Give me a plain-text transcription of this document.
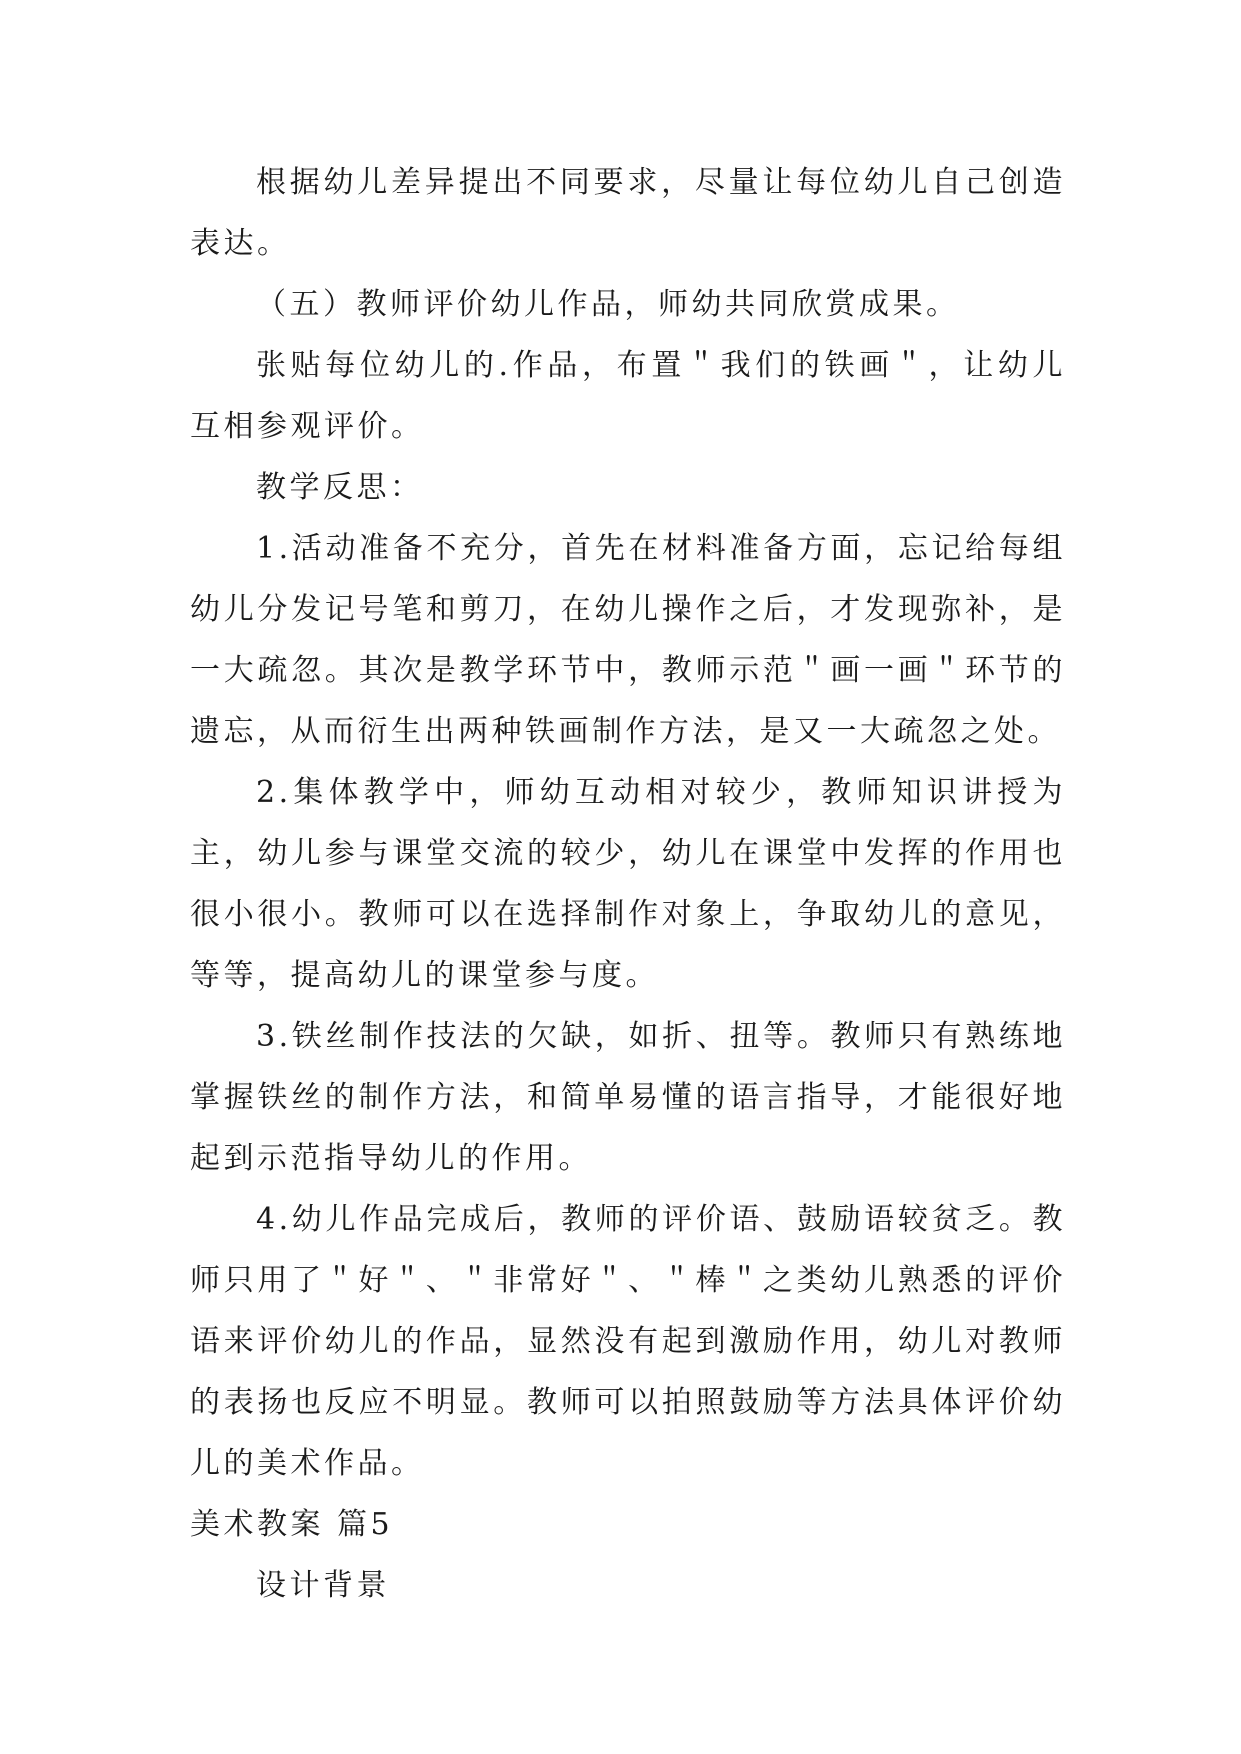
根据幼儿差异提出不同要求，尽量让每位幼儿自己创造表达。

（五）教师评价幼儿作品，师幼共同欣赏成果。

张贴每位幼儿的.作品，布置＂我们的铁画＂，让幼儿互相参观评价。

教学反思：

1.活动准备不充分，首先在材料准备方面，忘记给每组幼儿分发记号笔和剪刀，在幼儿操作之后，才发现弥补，是一大疏忽。其次是教学环节中，教师示范＂画一画＂环节的遗忘，从而衍生出两种铁画制作方法，是又一大疏忽之处。

2.集体教学中，师幼互动相对较少，教师知识讲授为主，幼儿参与课堂交流的较少，幼儿在课堂中发挥的作用也很小很小。教师可以在选择制作对象上，争取幼儿的意见，等等，提高幼儿的课堂参与度。

3.铁丝制作技法的欠缺，如折、扭等。教师只有熟练地掌握铁丝的制作方法，和简单易懂的语言指导，才能很好地起到示范指导幼儿的作用。

4.幼儿作品完成后，教师的评价语、鼓励语较贫乏。教师只用了＂好＂、＂非常好＂、＂棒＂之类幼儿熟悉的评价语来评价幼儿的作品，显然没有起到激励作用，幼儿对教师的表扬也反应不明显。教师可以拍照鼓励等方法具体评价幼儿的美术作品。

美术教案 篇5

设计背景
